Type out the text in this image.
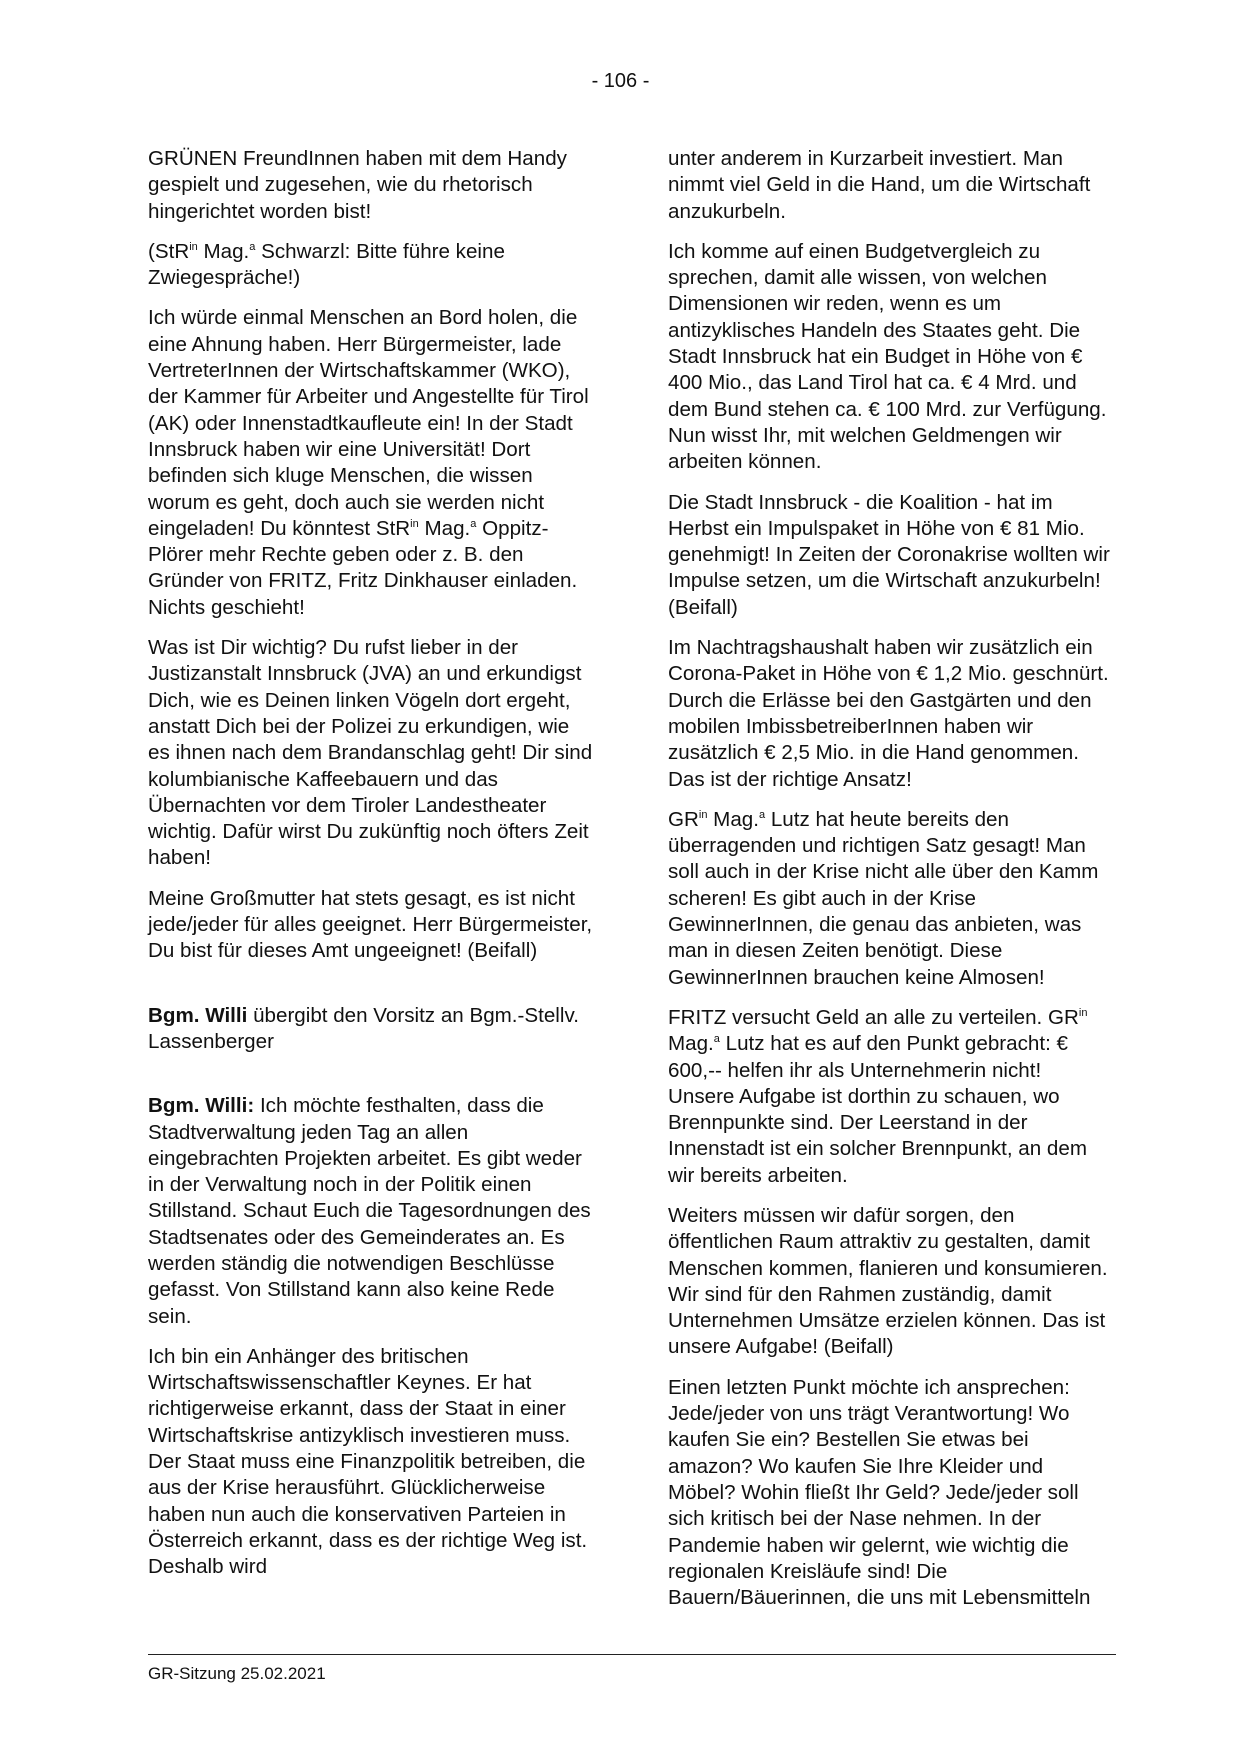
- 106 -

GRÜNEN FreundInnen haben mit dem Handy gespielt und zugesehen, wie du rhetorisch hingerichtet worden bist!

(StR$^{in}$ Mag.$^a$ Schwarzl: Bitte führe keine Zwiegespräche!)

Ich würde einmal Menschen an Bord holen, die eine Ahnung haben. Herr Bürgermeister, lade VertreterInnen der Wirtschaftskammer (WKO), der Kammer für Arbeiter und Angestellte für Tirol (AK) oder Innenstadtkaufleute ein! In der Stadt Innsbruck haben wir eine Universität! Dort befinden sich kluge Menschen, die wissen worum es geht, doch auch sie werden nicht eingeladen! Du könntest StR$^{in}$ Mag.$^a$ Oppitz-Plörer mehr Rechte geben oder z. B. den Gründer von FRITZ, Fritz Dinkhauser einladen. Nichts geschieht!

Was ist Dir wichtig? Du rufst lieber in der Justizanstalt Innsbruck (JVA) an und erkundigst Dich, wie es Deinen linken Vögeln dort ergeht, anstatt Dich bei der Polizei zu erkundigen, wie es ihnen nach dem Brandanschlag geht! Dir sind kolumbianische Kaffeebauern und das Übernachten vor dem Tiroler Landestheater wichtig. Dafür wirst Du zukünftig noch öfters Zeit haben!

Meine Großmutter hat stets gesagt, es ist nicht jede/jeder für alles geeignet. Herr Bürgermeister, Du bist für dieses Amt ungeeignet! (Beifall)

Bgm. Willi übergibt den Vorsitz an Bgm.-Stellv. Lassenberger

Bgm. Willi: Ich möchte festhalten, dass die Stadtverwaltung jeden Tag an allen eingebrachten Projekten arbeitet. Es gibt weder in der Verwaltung noch in der Politik einen Stillstand. Schaut Euch die Tagesordnungen des Stadtsenates oder des Gemeinderates an. Es werden ständig die notwendigen Beschlüsse gefasst. Von Stillstand kann also keine Rede sein.

Ich bin ein Anhänger des britischen Wirtschaftswissenschaftler Keynes. Er hat richtigerweise erkannt, dass der Staat in einer Wirtschaftskrise antizyklisch investieren muss. Der Staat muss eine Finanzpolitik betreiben, die aus der Krise herausführt. Glücklicherweise haben nun auch die konservativen Parteien in Österreich erkannt, dass es der richtige Weg ist. Deshalb wird

unter anderem in Kurzarbeit investiert. Man nimmt viel Geld in die Hand, um die Wirtschaft anzukurbeln.

Ich komme auf einen Budgetvergleich zu sprechen, damit alle wissen, von welchen Dimensionen wir reden, wenn es um antizyklisches Handeln des Staates geht. Die Stadt Innsbruck hat ein Budget in Höhe von € 400 Mio., das Land Tirol hat ca. € 4 Mrd. und dem Bund stehen ca. € 100 Mrd. zur Verfügung. Nun wisst Ihr, mit welchen Geldmengen wir arbeiten können.

Die Stadt Innsbruck - die Koalition - hat im Herbst ein Impulspaket in Höhe von € 81 Mio. genehmigt! In Zeiten der Coronakrise wollten wir Impulse setzen, um die Wirtschaft anzukurbeln! (Beifall)

Im Nachtragshaushalt haben wir zusätzlich ein Corona-Paket in Höhe von € 1,2 Mio. geschnürt. Durch die Erlässe bei den Gastgärten und den mobilen ImbissbetreiberInnen haben wir zusätzlich € 2,5 Mio. in die Hand genommen. Das ist der richtige Ansatz!

$GR^{in}$ Mag.$^a$ Lutz hat heute bereits den überragenden und richtigen Satz gesagt! Man soll auch in der Krise nicht alle über den Kamm scheren! Es gibt auch in der Krise GewinnerInnen, die genau das anbieten, was man in diesen Zeiten benötigt. Diese GewinnerInnen brauchen keine Almosen!

FRITZ versucht Geld an alle zu verteilen. $GR^{in}$ Mag.$^a$ Lutz hat es auf den Punkt gebracht: € 600,-- helfen ihr als Unternehmerin nicht! Unsere Aufgabe ist dorthin zu schauen, wo Brennpunkte sind. Der Leerstand in der Innenstadt ist ein solcher Brennpunkt, an dem wir bereits arbeiten.

Weiters müssen wir dafür sorgen, den öffentlichen Raum attraktiv zu gestalten, damit Menschen kommen, flanieren und konsumieren. Wir sind für den Rahmen zuständig, damit Unternehmen Umsätze erzielen können. Das ist unsere Aufgabe! (Beifall)

Einen letzten Punkt möchte ich ansprechen: Jede/jeder von uns trägt Verantwortung! Wo kaufen Sie ein? Bestellen Sie etwas bei amazon? Wo kaufen Sie Ihre Kleider und Möbel? Wohin fließt Ihr Geld? Jede/jeder soll sich kritisch bei der Nase nehmen. In der Pandemie haben wir gelernt, wie wichtig die regionalen Kreisläufe sind! Die Bauern/Bäuerinnen, die uns mit Lebensmitteln

GR-Sitzung 25.02.2021
